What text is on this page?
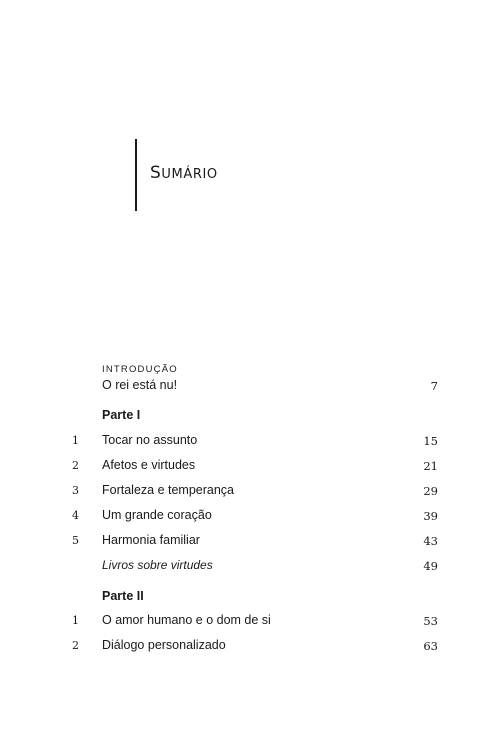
SUMÁRIO
INTRODUÇÃO
O rei está nu!	7
Parte I
1 Tocar no assunto	15
2 Afetos e virtudes	21
3 Fortaleza e temperança	29
4 Um grande coração	39
5 Harmonia familiar	43
Livros sobre virtudes	49
Parte II
1 O amor humano e o dom de si	53
2 Diálogo personalizado	63
